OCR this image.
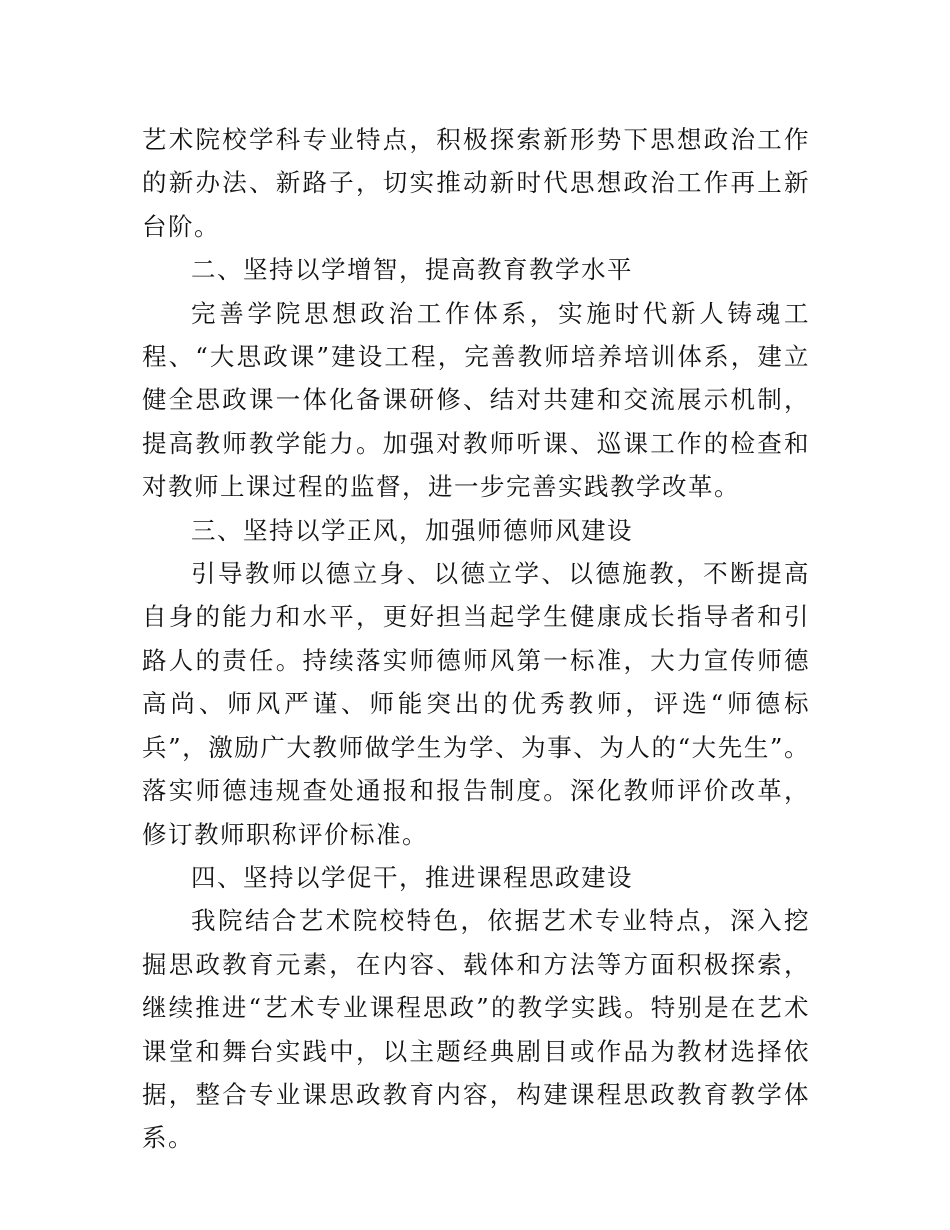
艺术院校学科专业特点，积极探索新形势下思想政治工作的新办法、新路子，切实推动新时代思想政治工作再上新台阶。

二、坚持以学增智，提高教育教学水平

完善学院思想政治工作体系，实施时代新人铸魂工程、“大思政课”建设工程，完善教师培养培训体系，建立健全思政课一体化备课研修、结对共建和交流展示机制，提高教师教学能力。加强对教师听课、巡课工作的检查和对教师上课过程的监督，进一步完善实践教学改革。

三、坚持以学正风，加强师德师风建设

引导教师以德立身、以德立学、以德施教，不断提高自身的能力和水平，更好担当起学生健康成长指导者和引路人的责任。持续落实师德师风第一标准，大力宣传师德高尚、师风严谨、师能突出的优秀教师，评选“师德标兵”，激励广大教师做学生为学、为事、为人的“大先生”。落实师德违规查处通报和报告制度。深化教师评价改革，修订教师职称评价标准。

四、坚持以学促干，推进课程思政建设

我院结合艺术院校特色，依据艺术专业特点，深入挖掘思政教育元素，在内容、载体和方法等方面积极探索，继续推进“艺术专业课程思政”的教学实践。特别是在艺术课堂和舞台实践中，以主题经典剧目或作品为教材选择依据，整合专业课思政教育内容，构建课程思政教育教学体系。
